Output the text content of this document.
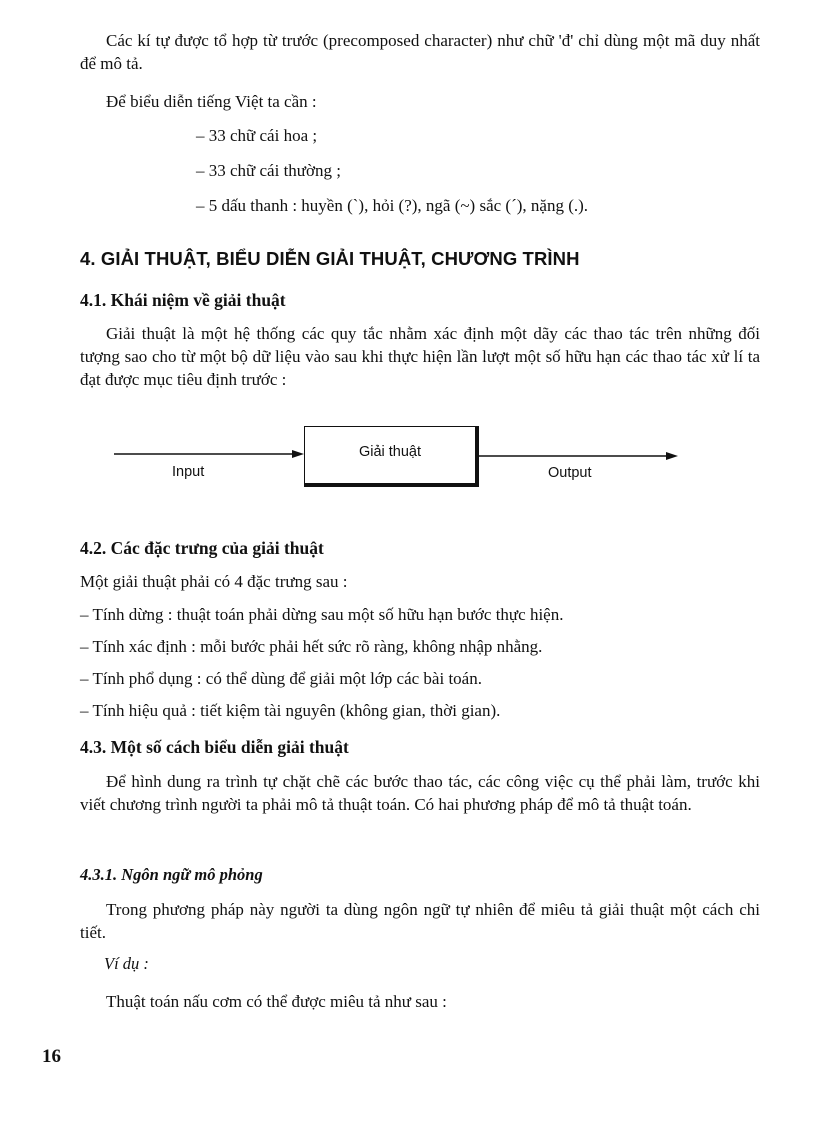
Các kí tự được tổ hợp từ trước (precomposed character) như chữ 'đ' chỉ dùng một mã duy nhất để mô tả.

Để biểu diễn tiếng Việt ta cần :

– 33 chữ cái hoa ;

– 33 chữ cái thường ;

– 5 dấu thanh : huyền (`), hỏi (?), ngã (~) sắc (´), nặng (.).

4. GIẢI THUẬT, BIỂU DIỄN GIẢI THUẬT, CHƯƠNG TRÌNH
4.1. Khái niệm về giải thuật

Giải thuật là một hệ thống các quy tắc nhằm xác định một dãy các thao tác trên những đối tượng sao cho từ một bộ dữ liệu vào sau khi thực hiện lần lượt một số hữu hạn các thao tác xử lí ta đạt được mục tiêu định trước :

Input
Giải thuật
Output
4.2. Các đặc trưng của giải thuật

Một giải thuật phải có 4 đặc trưng sau :

– Tính dừng : thuật toán phải dừng sau một số hữu hạn bước thực hiện.

– Tính xác định : mỗi bước phải hết sức rõ ràng, không nhập nhằng.

– Tính phổ dụng : có thể dùng để giải một lớp các bài toán.

– Tính hiệu quả : tiết kiệm tài nguyên (không gian, thời gian).

4.3. Một số cách biểu diễn giải thuật

Để hình dung ra trình tự chặt chẽ các bước thao tác, các công việc cụ thể phải làm, trước khi viết chương trình người ta phải mô tả thuật toán. Có hai phương pháp để mô tả thuật toán.

4.3.1. Ngôn ngữ mô phỏng

Trong phương pháp này người ta dùng ngôn ngữ tự nhiên để miêu tả giải thuật một cách chi tiết.

Ví dụ :

Thuật toán nấu cơm có thể được miêu tả như sau :

16
